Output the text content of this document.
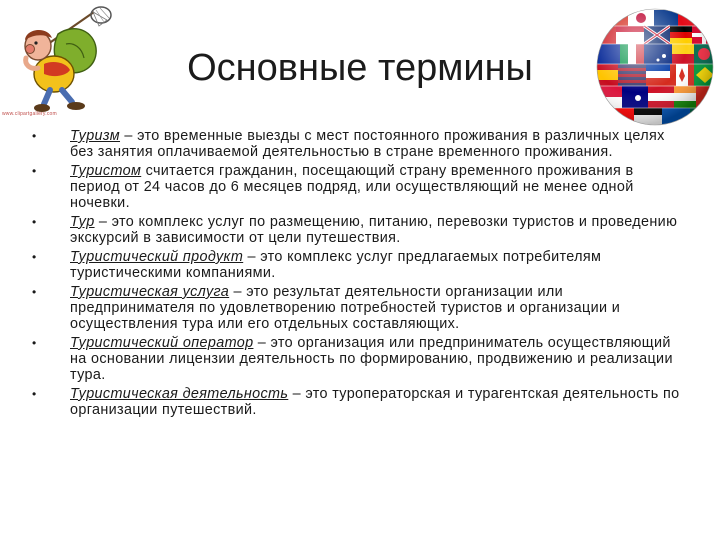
www.clipartgallery.com
Основные термины
•	Туризм – это временные выезды с мест постоянного проживания в различных целях без занятия оплачиваемой деятельностью в стране временного проживания.
•	Туристом считается гражданин, посещающий страну временного проживания в период от 24 часов до 6 месяцев подряд, или осуществляющий не менее одной ночевки.
•	Тур – это комплекс услуг по размещению, питанию, перевозки туристов и проведению экскурсий в зависимости от цели путешествия.
•	Туристический продукт – это комплекс услуг предлагаемых потребителям туристическими компаниями.
•	Туристическая услуга – это результат деятельности организации или предпринимателя по удовлетворению потребностей туристов и организации и осуществления тура или его отдельных составляющих.
•	Туристический оператор – это организация или предприниматель осуществляющий на основании лицензии деятельность по формированию, продвижению и реализации тура.
•	Туристическая деятельность – это туроператорская и турагентская деятельность по организации путешествий.
